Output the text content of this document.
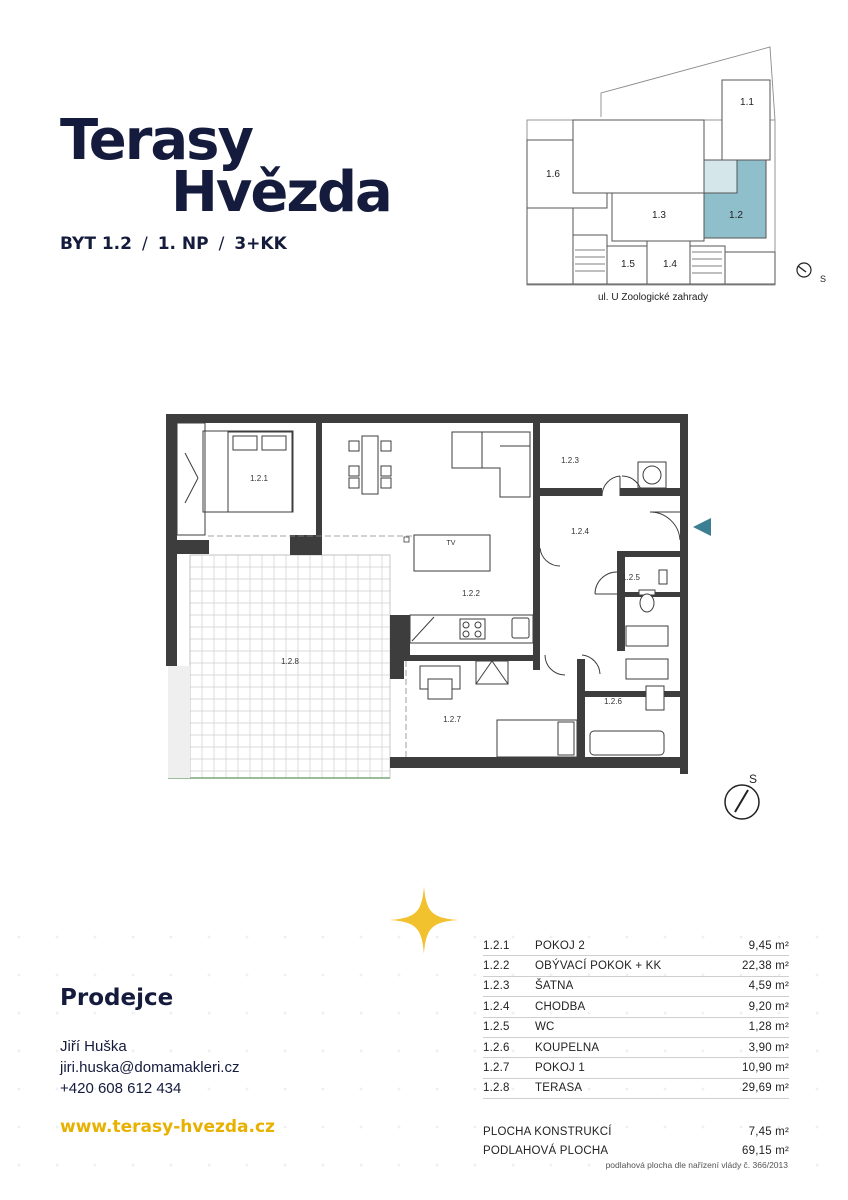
Terasy
Hvězda
BYT 1.2 / 1. NP / 3+KK
1.1
1.2
1.3
1.4
1.5
1.6
S
ul. U Zoologické zahrady
TV
1.2.1
1.2.2
1.2.3
1.2.4
1.2.5
1.2.6
1.2.7
1.2.8
S
Prodejce
Jiří Huška
jiri.huska@domamakleri.cz
+420 608 612 434
www.terasy-hvezda.cz
1.2.1	POKOJ 2	9,45 m²
1.2.2	OBÝVACÍ POKOK + KK	22,38 m²
1.2.3	ŠATNA	4,59 m²
1.2.4	CHODBA	9,20 m²
1.2.5	WC	1,28 m²
1.2.6	KOUPELNA	3,90 m²
1.2.7	POKOJ 1	10,90 m²
1.2.8	TERASA	29,69 m²
PLOCHA KONSTRUKCÍ	7,45 m²
PODLAHOVÁ PLOCHA	69,15 m²
podlahová plocha dle nařízení vlády č. 366/2013
